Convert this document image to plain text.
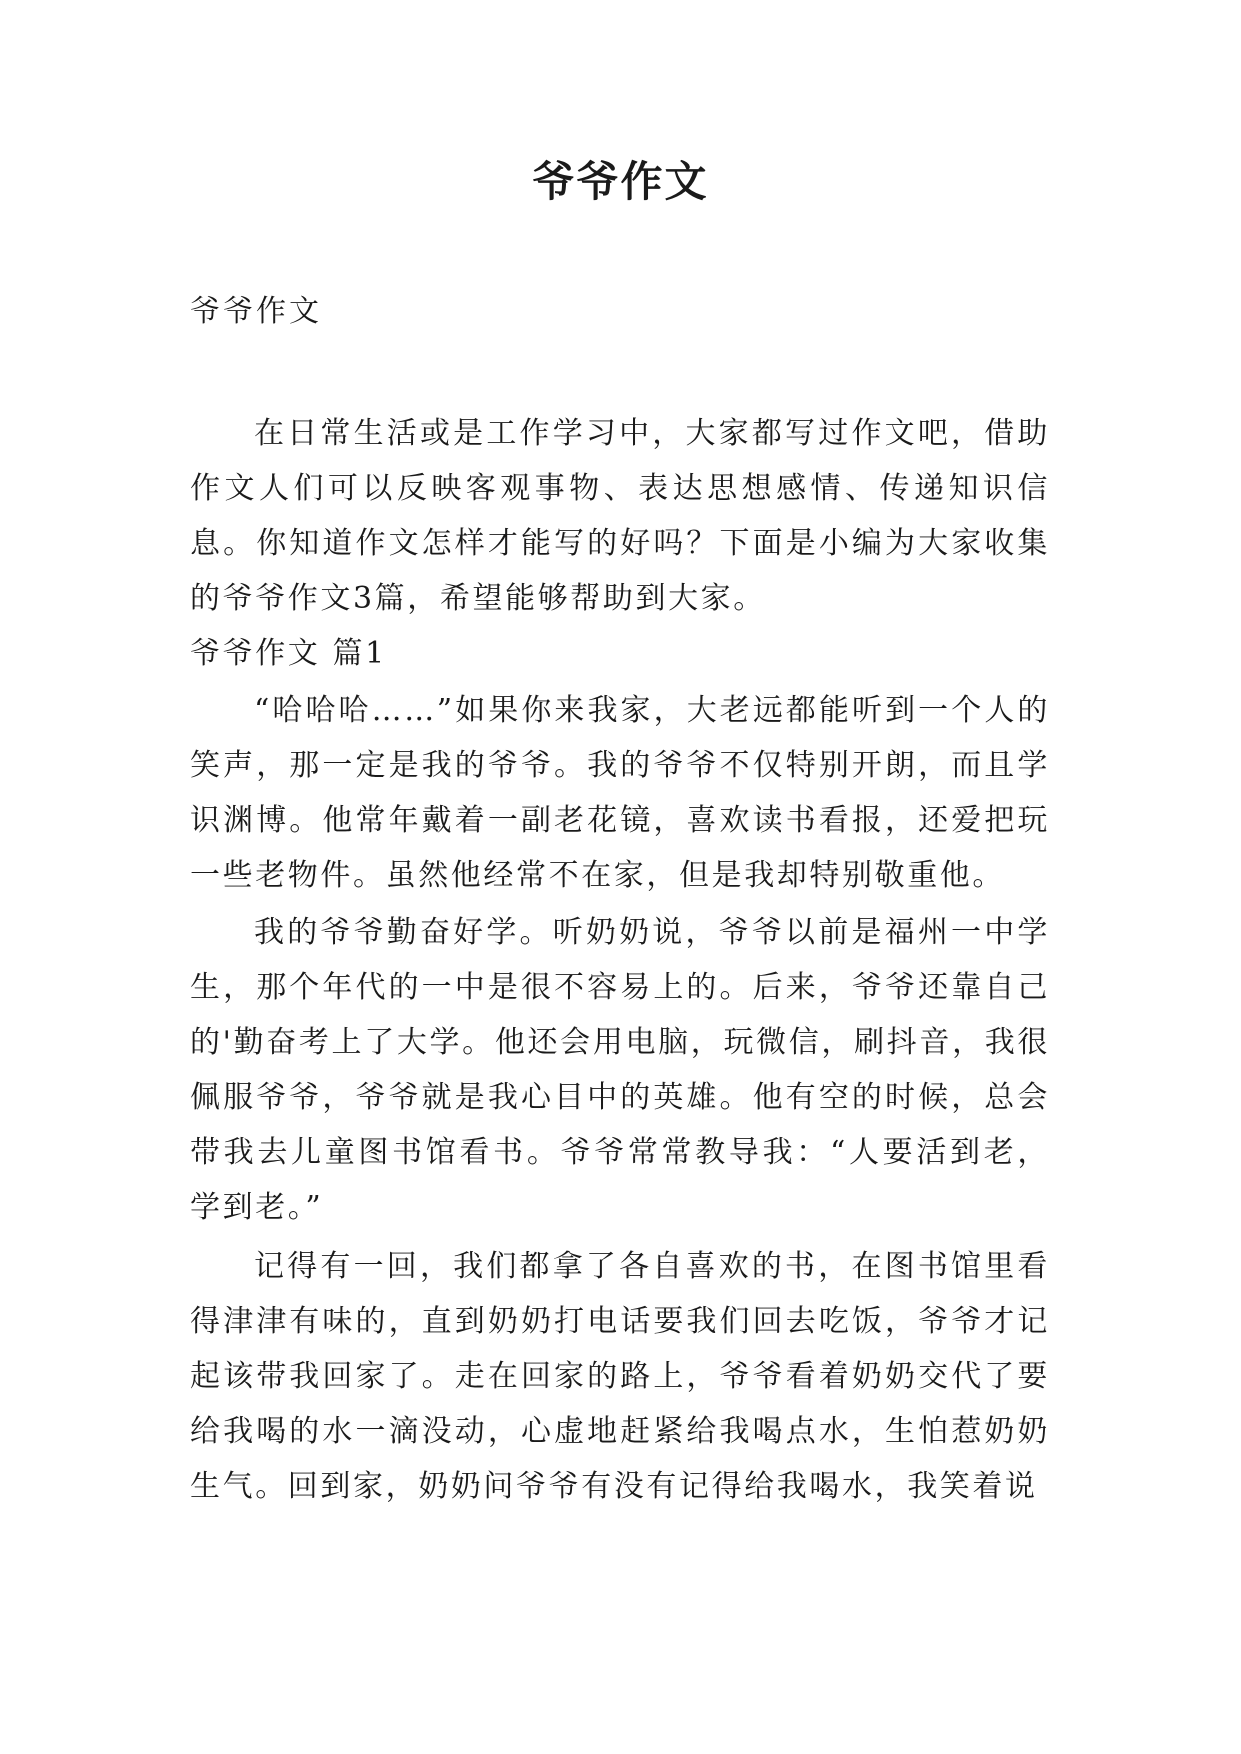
爷爷作文
爷爷作文

在日常生活或是工作学习中，大家都写过作文吧，借助作文人们可以反映客观事物、表达思想感情、传递知识信息。你知道作文怎样才能写的好吗？下面是小编为大家收集的爷爷作文3篇，希望能够帮助到大家。

爷爷作文 篇1

“哈哈哈……”如果你来我家，大老远都能听到一个人的笑声，那一定是我的爷爷。我的爷爷不仅特别开朗，而且学识渊博。他常年戴着一副老花镜，喜欢读书看报，还爱把玩一些老物件。虽然他经常不在家，但是我却特别敬重他。

我的爷爷勤奋好学。听奶奶说，爷爷以前是福州一中学生，那个年代的一中是很不容易上的。后来，爷爷还靠自己的'勤奋考上了大学。他还会用电脑，玩微信，刷抖音，我很佩服爷爷，爷爷就是我心目中的英雄。他有空的时候，总会带我去儿童图书馆看书。爷爷常常教导我：“人要活到老，学到老。”

记得有一回，我们都拿了各自喜欢的书，在图书馆里看得津津有味的，直到奶奶打电话要我们回去吃饭，爷爷才记起该带我回家了。走在回家的路上，爷爷看着奶奶交代了要给我喝的水一滴没动，心虚地赶紧给我喝点水，生怕惹奶奶生气。回到家，奶奶问爷爷有没有记得给我喝水，我笑着说
